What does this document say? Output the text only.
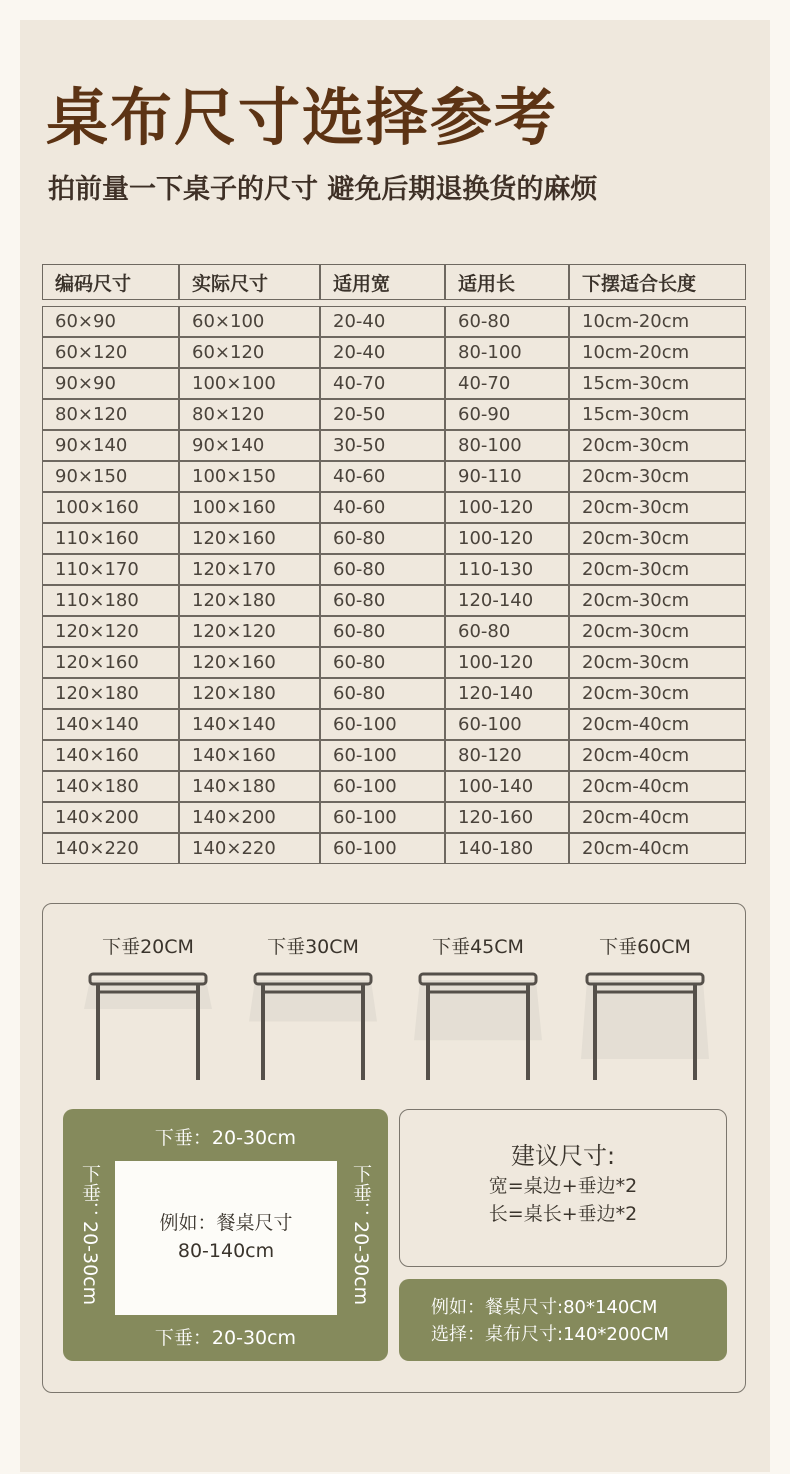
桌布尺寸选择参考
拍前量一下桌子的尺寸 避免后期退换货的麻烦
编码尺寸	实际尺寸	适用宽	适用长	下摆适合长度

60×90	60×100	20-40	60-80	10cm-20cm
60×120	60×120	20-40	80-100	10cm-20cm
90×90	100×100	40-70	40-70	15cm-30cm
80×120	80×120	20-50	60-90	15cm-30cm
90×140	90×140	30-50	80-100	20cm-30cm
90×150	100×150	40-60	90-110	20cm-30cm
100×160	100×160	40-60	100-120	20cm-30cm
110×160	120×160	60-80	100-120	20cm-30cm
110×170	120×170	60-80	110-130	20cm-30cm
110×180	120×180	60-80	120-140	20cm-30cm
120×120	120×120	60-80	60-80	20cm-30cm
120×160	120×160	60-80	100-120	20cm-30cm
120×180	120×180	60-80	120-140	20cm-30cm
140×140	140×140	60-100	60-100	20cm-40cm
140×160	140×160	60-100	80-120	20cm-40cm
140×180	140×180	60-100	100-140	20cm-40cm
140×200	140×200	60-100	120-160	20cm-40cm
140×220	140×220	60-100	140-180	20cm-40cm
下垂20CM	下垂30CM	下垂45CM	下垂60CM
下垂：20-30cm
下垂：20-30cm	下垂：20-30cm
例如：餐桌尺寸
80-140cm
下垂：20-30cm
建议尺寸:
宽=桌边+垂边*2
长=桌长+垂边*2
例如：餐桌尺寸:80*140CM
选择：桌布尺寸:140*200CM
